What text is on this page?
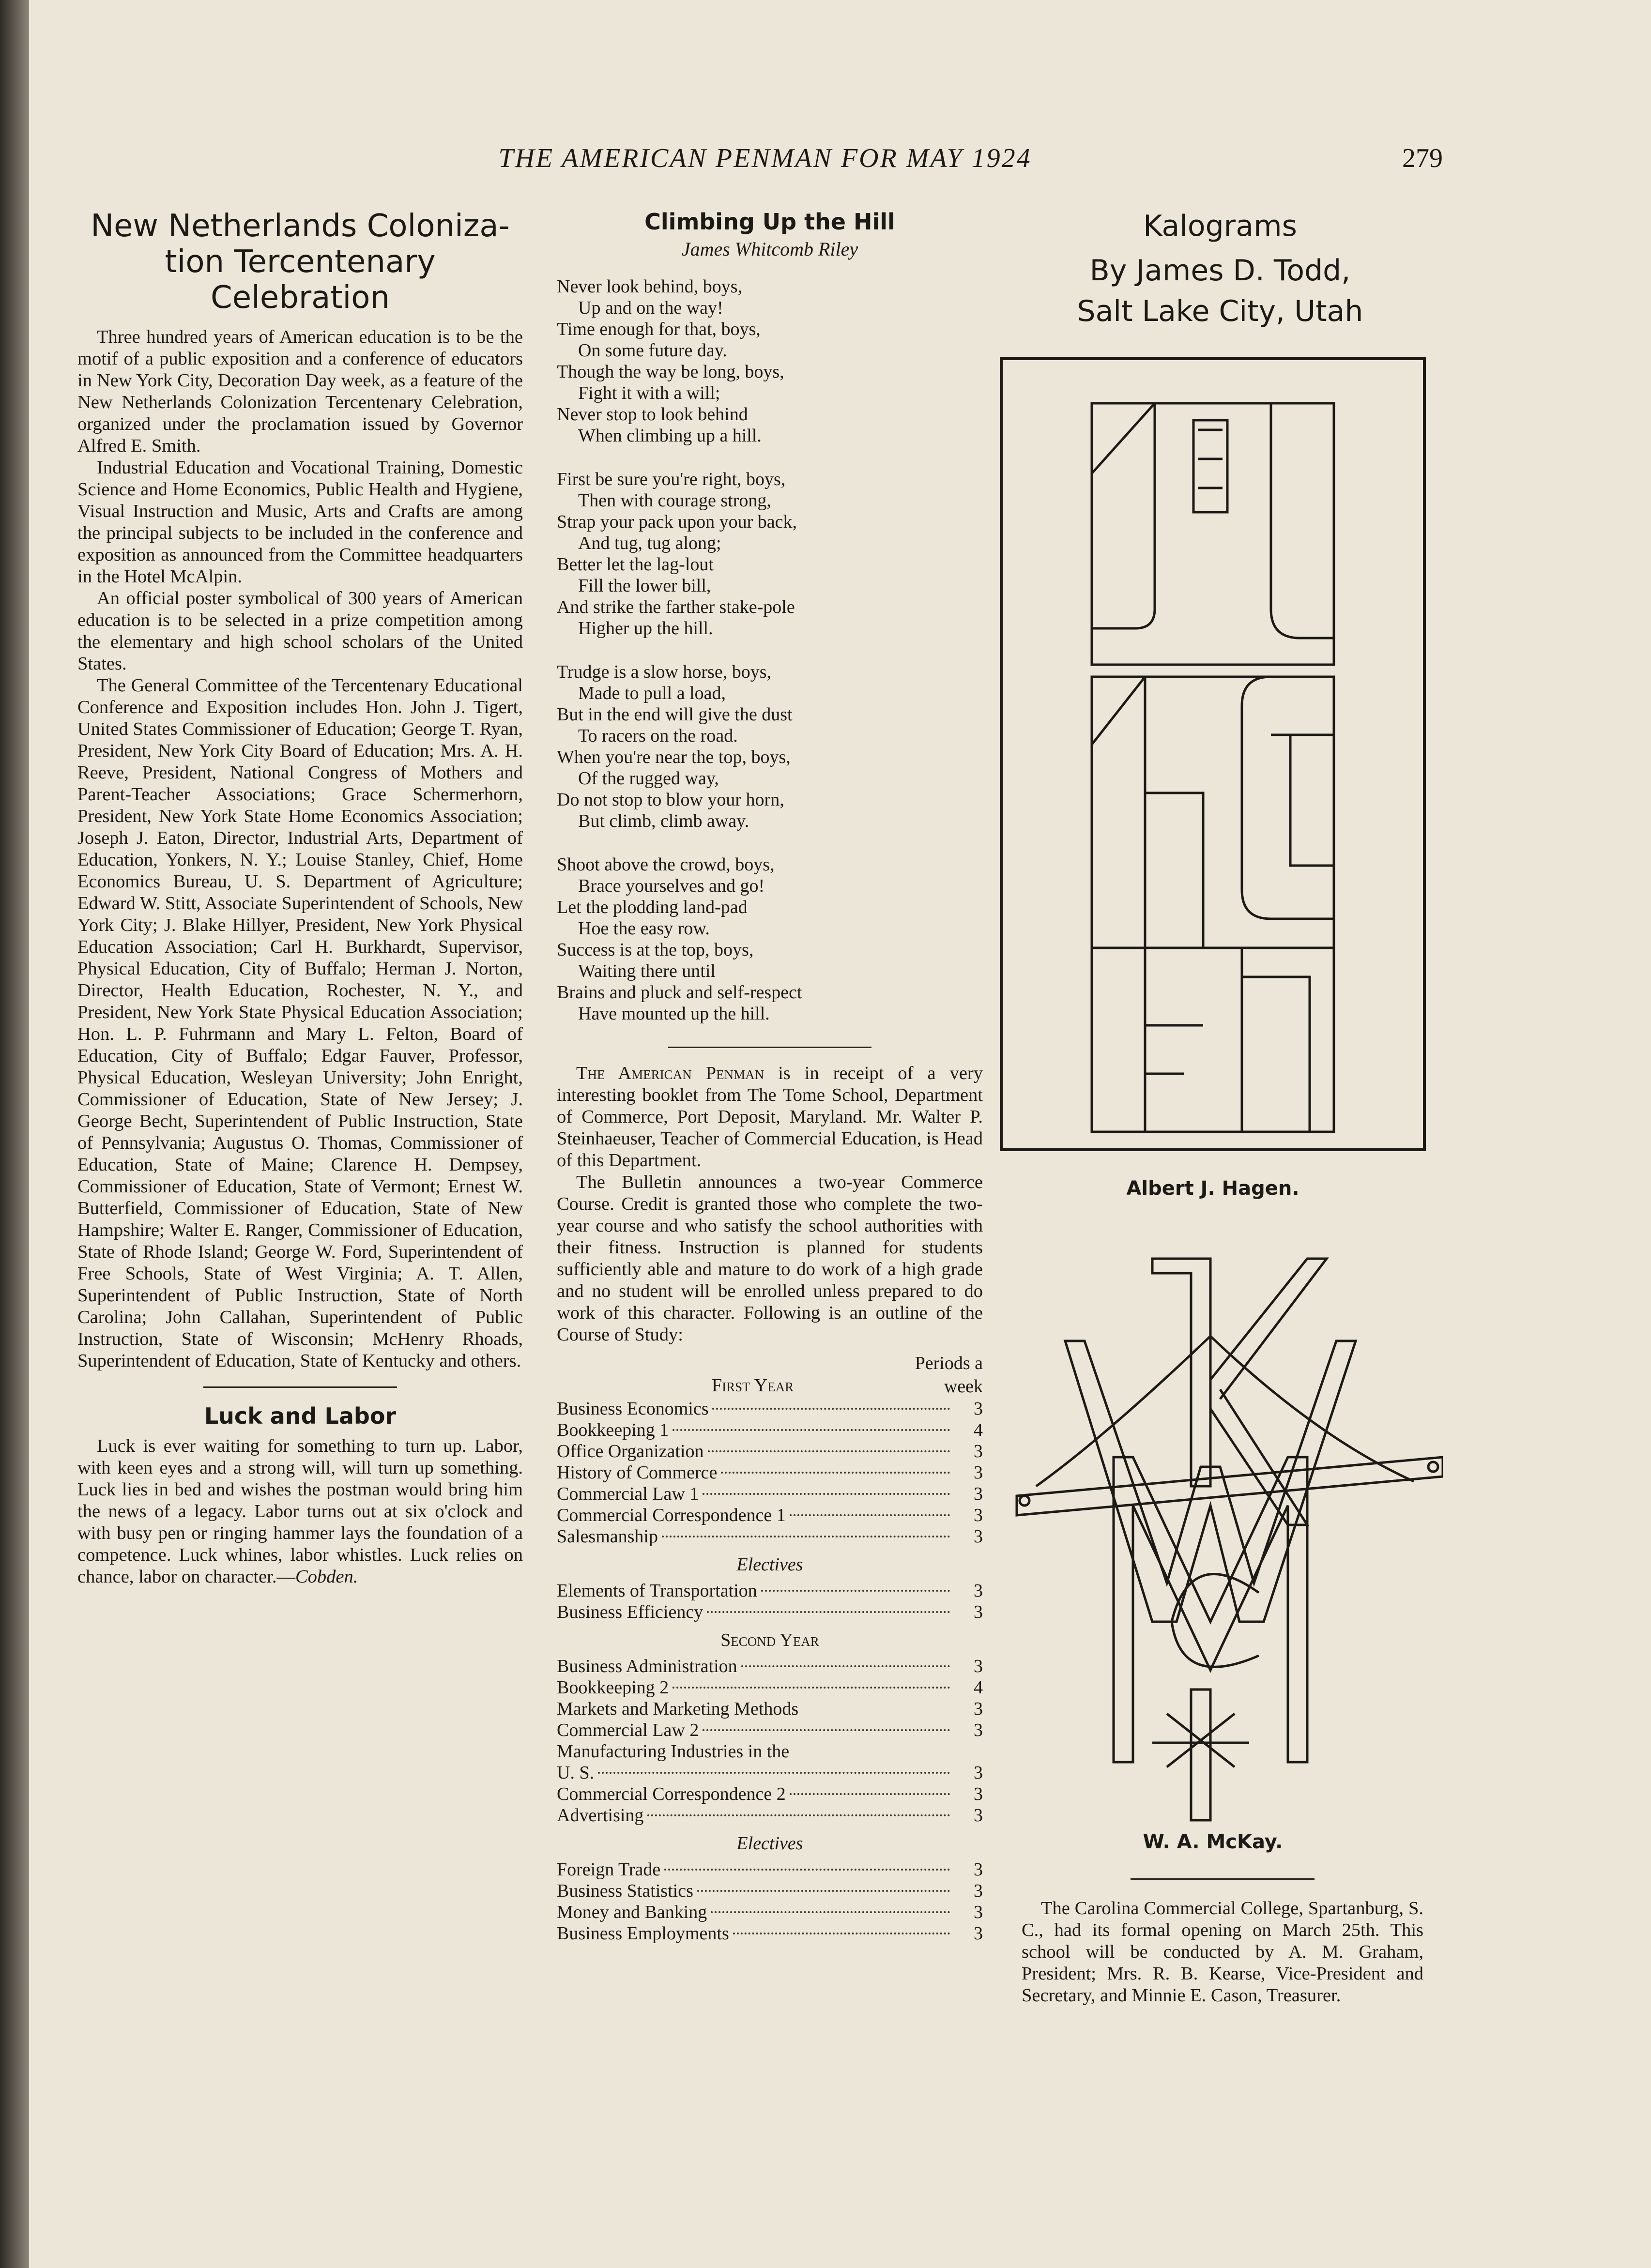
THE AMERICAN PENMAN FOR MAY 1924	279
New Netherlands Coloniza-tion Tercentenary Celebration

Three hundred years of American education is to be the motif of a public exposition and a conference of educators in New York City, Decoration Day week, as a feature of the New Netherlands Colonization Tercentenary Celebration, organized under the proclamation issued by Governor Alfred E. Smith.

Industrial Education and Vocational Training, Domestic Science and Home Economics, Public Health and Hygiene, Visual Instruction and Music, Arts and Crafts are among the principal subjects to be included in the conference and exposition as announced from the Committee headquarters in the Hotel McAlpin.

An official poster symbolical of 300 years of American education is to be selected in a prize competition among the elementary and high school scholars of the United States.

The General Committee of the Tercentenary Educational Conference and Exposition includes Hon. John J. Tigert, United States Commissioner of Education; George T. Ryan, President, New York City Board of Education; Mrs. A. H. Reeve, President, National Congress of Mothers and Parent-Teacher Associations; Grace Schermerhorn, President, New York State Home Economics Association; Joseph J. Eaton, Director, Industrial Arts, Department of Education, Yonkers, N. Y.; Louise Stanley, Chief, Home Economics Bureau, U. S. Department of Agriculture; Edward W. Stitt, Associate Superintendent of Schools, New York City; J. Blake Hillyer, President, New York Physical Education Association; Carl H. Burkhardt, Supervisor, Physical Education, City of Buffalo; Herman J. Norton, Director, Health Education, Rochester, N. Y., and President, New York State Physical Education Association; Hon. L. P. Fuhrmann and Mary L. Felton, Board of Education, City of Buffalo; Edgar Fauver, Professor, Physical Education, Wesleyan University; John Enright, Commissioner of Education, State of New Jersey; J. George Becht, Superintendent of Public Instruction, State of Pennsylvania; Augustus O. Thomas, Commissioner of Education, State of Maine; Clarence H. Dempsey, Commissioner of Education, State of Vermont; Ernest W. Butterfield, Commissioner of Education, State of New Hampshire; Walter E. Ranger, Commissioner of Education, State of Rhode Island; George W. Ford, Superintendent of Free Schools, State of West Virginia; A. T. Allen, Superintendent of Public Instruction, State of North Carolina; John Callahan, Superintendent of Public Instruction, State of Wisconsin; McHenry Rhoads, Superintendent of Education, State of Kentucky and others.

Luck and Labor

Luck is ever waiting for something to turn up. Labor, with keen eyes and a strong will, will turn up something. Luck lies in bed and wishes the postman would bring him the news of a legacy. Labor turns out at six o'clock and with busy pen or ringing hammer lays the foundation of a competence. Luck whines, labor whistles. Luck relies on chance, labor on character.—Cobden.

Climbing Up the Hill
James Whitcomb Riley
Never look behind, boys,
Up and on the way!
Time enough for that, boys,
On some future day.
Though the way be long, boys,
Fight it with a will;
Never stop to look behind
When climbing up a hill.
First be sure you're right, boys,
Then with courage strong,
Strap your pack upon your back,
And tug, tug along;
Better let the lag-lout
Fill the lower bill,
And strike the farther stake-pole
Higher up the hill.
Trudge is a slow horse, boys,
Made to pull a load,
But in the end will give the dust
To racers on the road.
When you're near the top, boys,
Of the rugged way,
Do not stop to blow your horn,
But climb, climb away.
Shoot above the crowd, boys,
Brace yourselves and go!
Let the plodding land-pad
Hoe the easy row.
Success is at the top, boys,
Waiting there until
Brains and pluck and self-respect
Have mounted up the hill.

The American Penman is in receipt of a very interesting booklet from The Tome School, Department of Commerce, Port Deposit, Maryland. Mr. Walter P. Steinhaeuser, Teacher of Commercial Education, is Head of this Department.

The Bulletin announces a two-year Commerce Course. Credit is granted those who complete the two-year course and who satisfy the school authorities with their fitness. Instruction is planned for students sufficiently able and mature to do work of a high grade and no student will be enrolled unless prepared to do work of this character. Following is an outline of the Course of Study:

Periods a week
First Year
Business Economics	3
Bookkeeping 1	4
Office Organization	3
History of Commerce	3
Commercial Law 1	3
Commercial Correspondence 1	3
Salesmanship	3
Electives
Elements of Transportation	3
Business Efficiency	3
Second Year
Business Administration	3
Bookkeeping 2	4
Markets and Marketing Methods	3
Commercial Law 2	3
Manufacturing Industries in the
U. S.	3
Commercial Correspondence 2	3
Advertising	3
Electives
Foreign Trade	3
Business Statistics	3
Money and Banking	3
Business Employments	3
Kalograms
By James D. Todd,
Salt Lake City, Utah
Albert J. Hagen.
W. A. McKay.

The Carolina Commercial College, Spartanburg, S. C., had its formal opening on March 25th. This school will be conducted by A. M. Graham, President; Mrs. R. B. Kearse, Vice-President and Secretary, and Minnie E. Cason, Treasurer.
